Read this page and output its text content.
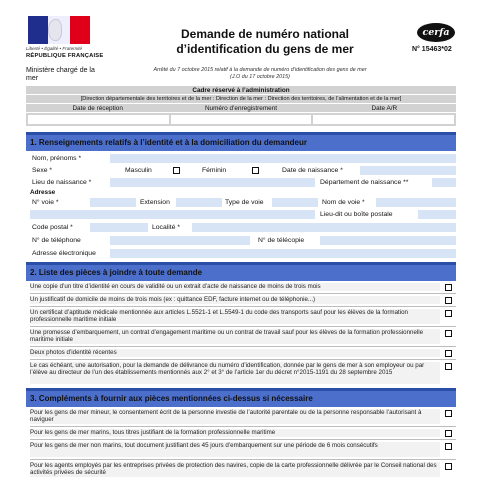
Liberté • Égalité • Fraternité
RÉPUBLIQUE FRANÇAISE
Ministère chargé de la mer
Demande de numéro national
d’identification du gens de mer
Arrêté du 7 octobre 2015 relatif à la demande de numéro d’identification des gens de mer
(J.O du 17 octobre 2015)
cerfa
N° 15463*02
Cadre réservé à l’administration
[Direction départementale des territoires et de la mer : Direction de la mer : Direction des territoires, de l’alimentation et de la mer]
Date de réception	Numéro d’enregistrement	Date A/R
1. Renseignements relatifs à l’identité et à la domiciliation du demandeur
Nom, prénoms *
Sexe *	Masculin	Féminin	Date de naissance *
Lieu de naissance *	Département de naissance **
Adresse
N° voie *	Extension	Type de voie	Nom de voie *
Lieu-dit ou boîte postale
Code postal *	Localité *
N° de téléphone	N° de télécopie
Adresse électronique
2. Liste des pièces à joindre à toute demande
Une copie d’un titre d’identité en cours de validité ou un extrait d’acte de naissance de moins de trois mois
Un justificatif de domicile de moins de trois mois (ex : quittance EDF, facture internet ou de téléphonie...)
Un certificat d’aptitude médicale mentionnée aux articles L.5521-1 et L.5549-1 du code des transports sauf pour les élèves de la formation professionnelle maritime initiale
Une promesse d’embarquement, un contrat d’engagement maritime ou un contrat de travail sauf pour les élèves de la formation professionnelle maritime initiale
Deux photos d’identité récentes
Le cas échéant, une autorisation, pour la demande de délivrance du numéro d’identification, donnée par le gens de mer à son employeur ou par l’élève au directeur de l’un des établissements mentionnés aux 2° et 3° de l’article 1er du décret n°2015-1191 du 28 septembre 2015
3. Compléments à fournir aux pièces mentionnées ci-dessus si nécessaire
Pour les gens de mer mineur, le consentement écrit de la personne investie de l’autorité parentale ou de la personne responsable l’autorisant à naviguer
Pour les gens de mer marins, tous titres justifiant de la formation professionnelle maritime
Pour les gens de mer non marins, tout document justifiant des 45 jours d’embarquement sur une période de 6 mois consécutifs
Pour les agents employés par les entreprises privées de protection des navires, copie de la carte professionnelle délivrée par le Conseil national des activités privées de sécurité
